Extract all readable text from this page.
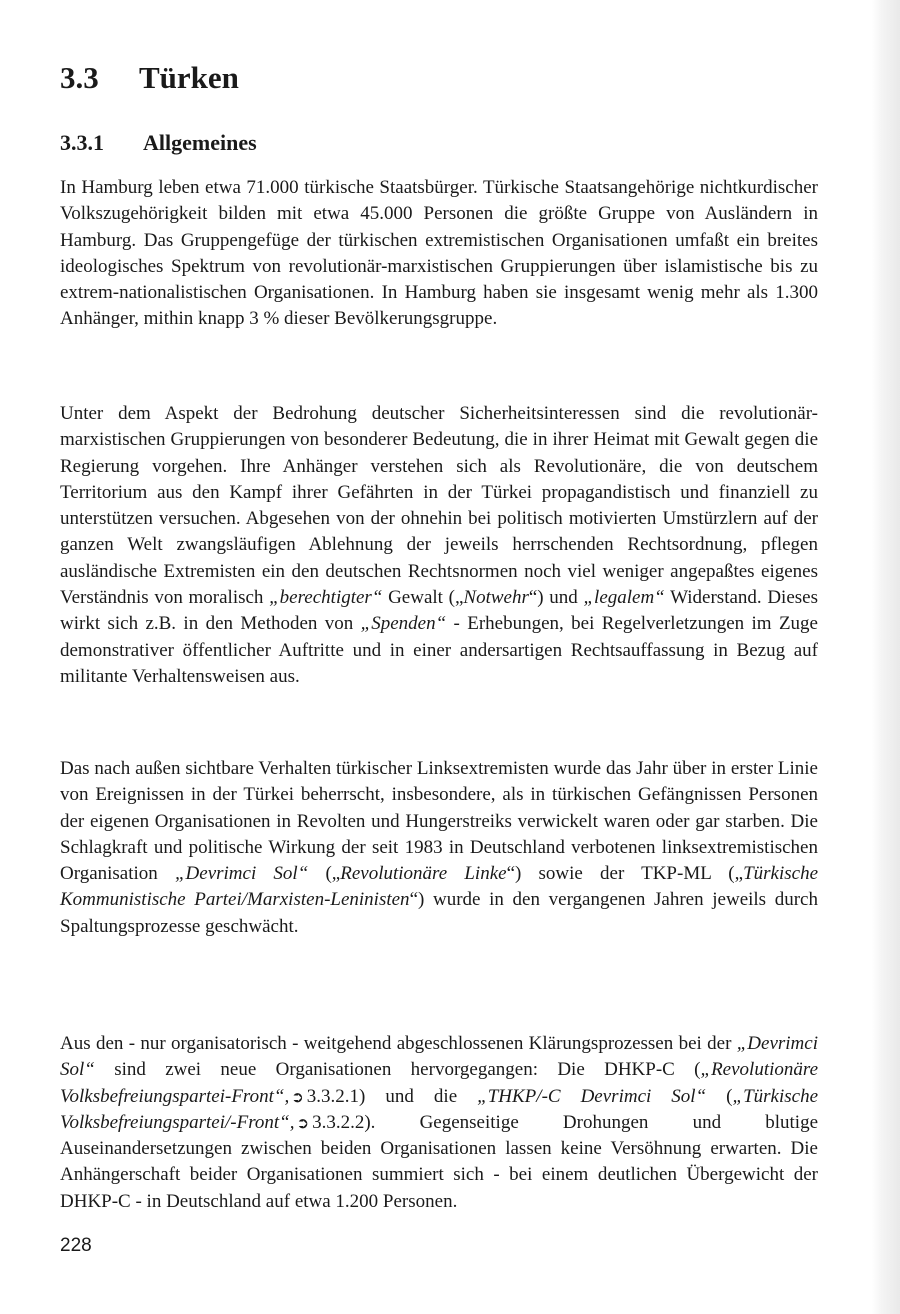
3.3 Türken
3.3.1 Allgemeines

In Hamburg leben etwa 71.000 türkische Staatsbürger. Türkische Staatsangehörige nichtkurdischer Volkszugehörigkeit bilden mit etwa 45.000 Personen die größte Gruppe von Ausländern in Hamburg. Das Gruppengefüge der türkischen extremistischen Organisationen umfaßt ein breites ideologisches Spektrum von revolutionär-marxistischen Gruppierungen über islamistische bis zu extrem-nationalistischen Organisationen. In Hamburg haben sie insgesamt wenig mehr als 1.300 Anhänger, mithin knapp 3 % dieser Bevölkerungsgruppe.

Unter dem Aspekt der Bedrohung deutscher Sicherheitsinteressen sind die revolutionär-marxistischen Gruppierungen von besonderer Bedeutung, die in ihrer Heimat mit Gewalt gegen die Regierung vorgehen. Ihre Anhänger verstehen sich als Revolutionäre, die von deutschem Territorium aus den Kampf ihrer Gefährten in der Türkei propagandistisch und finanziell zu unterstützen versuchen. Abgesehen von der ohnehin bei politisch motivierten Umstürzlern auf der ganzen Welt zwangsläufigen Ablehnung der jeweils herrschenden Rechtsordnung, pflegen ausländische Extremisten ein den deutschen Rechtsnormen noch viel weniger angepaßtes eigenes Verständnis von moralisch „berechtigter“ Gewalt („Notwehr“) und „legalem“ Widerstand. Dieses wirkt sich z.B. in den Methoden von „Spenden“ - Erhebungen, bei Regelverletzungen im Zuge demonstrativer öffentlicher Auftritte und in einer andersartigen Rechtsauffassung in Bezug auf militante Verhaltensweisen aus.

Das nach außen sichtbare Verhalten türkischer Linksextremisten wurde das Jahr über in erster Linie von Ereignissen in der Türkei beherrscht, insbesondere, als in türkischen Gefängnissen Personen der eigenen Organisationen in Revolten und Hungerstreiks verwickelt waren oder gar starben. Die Schlagkraft und politische Wirkung der seit 1983 in Deutschland verbotenen linksextremistischen Organisation „Devrimci Sol“ („Revolutionäre Linke“) sowie der TKP-ML („Türkische Kommunistische Partei/Marxisten-Leninisten“) wurde in den vergangenen Jahren jeweils durch Spaltungsprozesse geschwächt.

Aus den - nur organisatorisch - weitgehend abgeschlossenen Klärungsprozessen bei der „Devrimci Sol“ sind zwei neue Organisationen hervorgegangen: Die DHKP-C („Revolutionäre Volksbefreiungspartei-Front“, ➲ 3.3.2.1) und die „THKP/-C Devrimci Sol“ („Türkische Volksbefreiungspartei/-Front“, ➲ 3.3.2.2). Gegenseitige Drohungen und blutige Auseinandersetzungen zwischen beiden Organisationen lassen keine Versöhnung erwarten. Die Anhängerschaft beider Organisationen summiert sich - bei einem deutlichen Übergewicht der DHKP-C - in Deutschland auf etwa 1.200 Personen.

228
